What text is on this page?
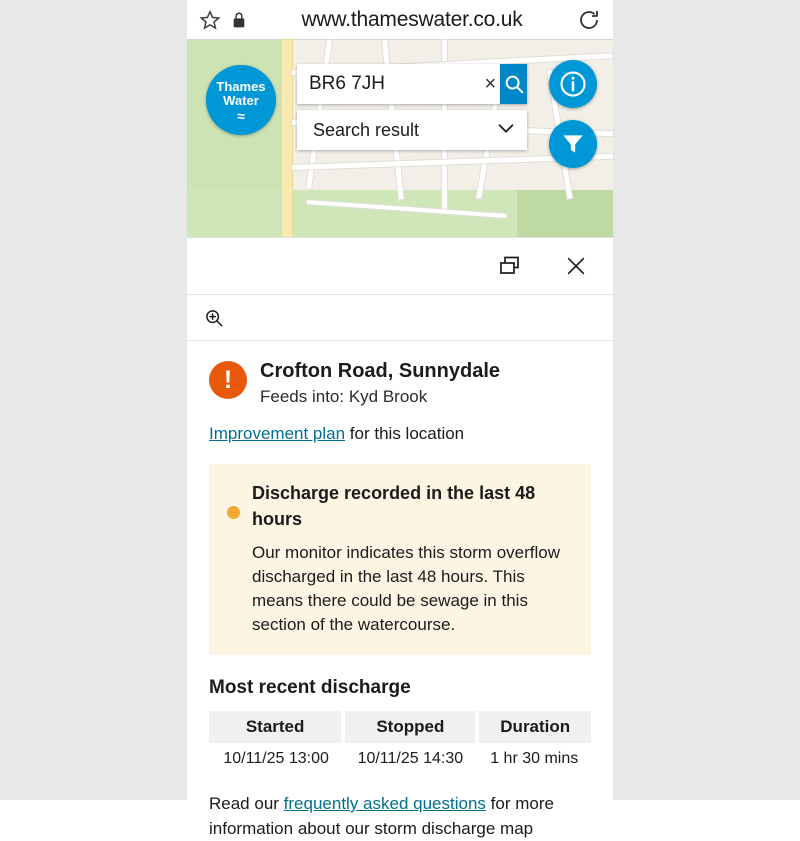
www.thameswater.co.uk
Thames
Water
≈
BR6 7JH
×
Search result
!	Crofton Road, Sunnydale
Feeds into: Kyd Brook
Improvement plan for this location
Discharge recorded in the last 48 hours
Our monitor indicates this storm overflow discharged in the last 48 hours. This means there could be sewage in this section of the watercourse.
Most recent discharge
Started	Stopped	Duration
10/11/25 13:00	10/11/25 14:30	1 hr 30 mins
Read our frequently asked questions for more information about our storm discharge map
